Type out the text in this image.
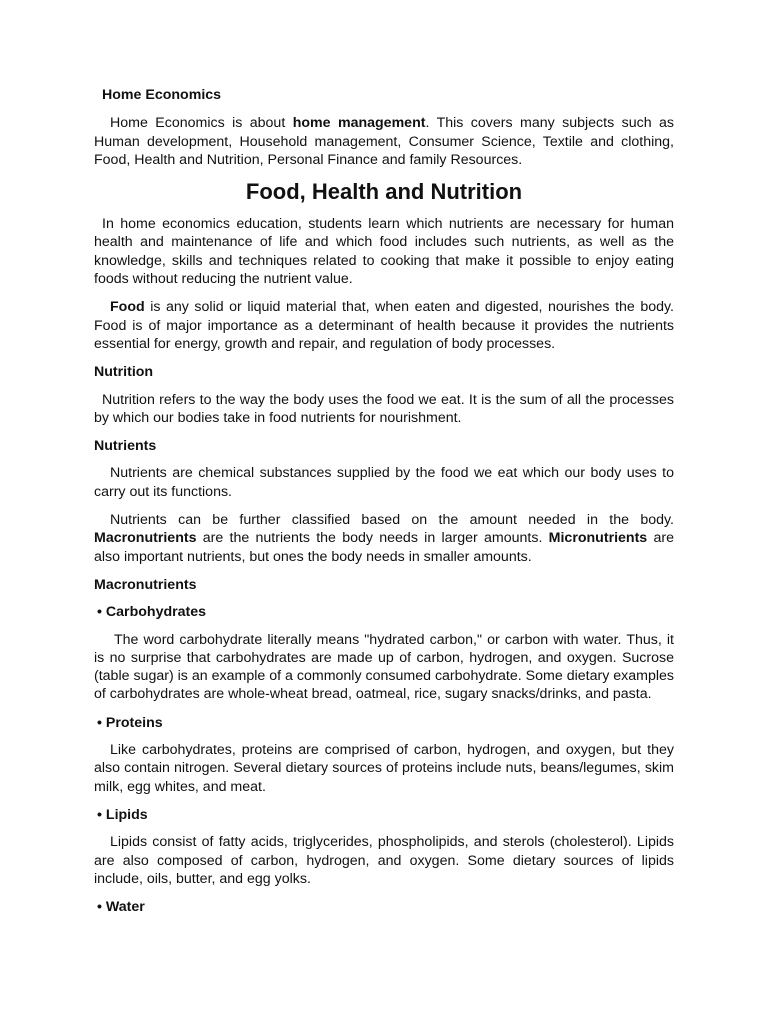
Home Economics

Home Economics is about home management. This covers many subjects such as Human development, Household management, Consumer Science, Textile and clothing, Food, Health and Nutrition, Personal Finance and family Resources.

Food, Health and Nutrition

In home economics education, students learn which nutrients are necessary for human health and maintenance of life and which food includes such nutrients, as well as the knowledge, skills and techniques related to cooking that make it possible to enjoy eating foods without reducing the nutrient value.

Food is any solid or liquid material that, when eaten and digested, nourishes the body. Food is of major importance as a determinant of health because it provides the nutrients essential for energy, growth and repair, and regulation of body processes.

Nutrition

Nutrition refers to the way the body uses the food we eat. It is the sum of all the processes by which our bodies take in food nutrients for nourishment.

Nutrients

Nutrients are chemical substances supplied by the food we eat which our body uses to carry out its functions.

Nutrients can be further classified based on the amount needed in the body. Macronutrients are the nutrients the body needs in larger amounts. Micronutrients are also important nutrients, but ones the body needs in smaller amounts.

Macronutrients
• Carbohydrates

The word carbohydrate literally means "hydrated carbon," or carbon with water. Thus, it is no surprise that carbohydrates are made up of carbon, hydrogen, and oxygen. Sucrose (table sugar) is an example of a commonly consumed carbohydrate. Some dietary examples of carbohydrates are whole-wheat bread, oatmeal, rice, sugary snacks/drinks, and pasta.

• Proteins

Like carbohydrates, proteins are comprised of carbon, hydrogen, and oxygen, but they also contain nitrogen. Several dietary sources of proteins include nuts, beans/legumes, skim milk, egg whites, and meat.

• Lipids

Lipids consist of fatty acids, triglycerides, phospholipids, and sterols (cholesterol). Lipids are also composed of carbon, hydrogen, and oxygen. Some dietary sources of lipids include, oils, butter, and egg yolks.

• Water
